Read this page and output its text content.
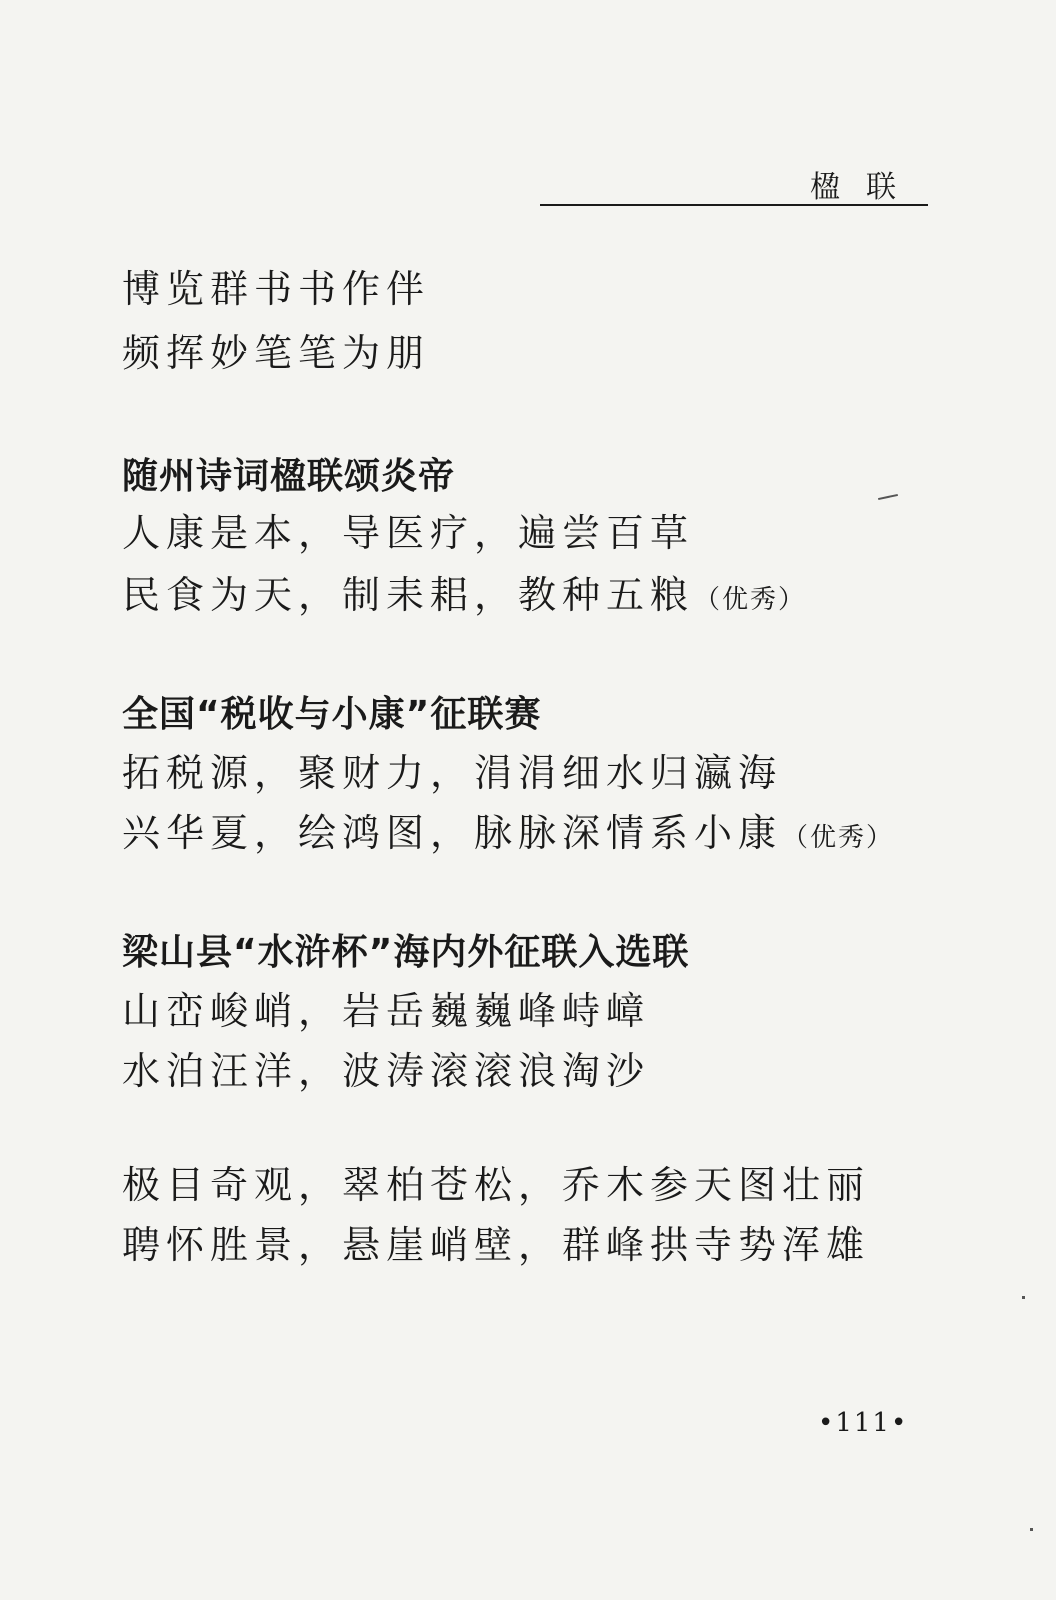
楹联
博览群书书作伴
频挥妙笔笔为朋
随州诗词楹联颂炎帝
人康是本，导医疗，遍尝百草
民食为天，制耒耜，教种五粮（优秀）
全国“税收与小康”征联赛
拓税源，聚财力，涓涓细水归瀛海
兴华夏，绘鸿图，脉脉深情系小康（优秀）
梁山县“水浒杯”海内外征联入选联
山峦峻峭，岩岳巍巍峰峙嶂
水泊汪洋，波涛滚滚浪淘沙
极目奇观，翠柏苍松，乔木参天图壮丽
聘怀胜景，悬崖峭壁，群峰拱寺势浑雄
•111•
